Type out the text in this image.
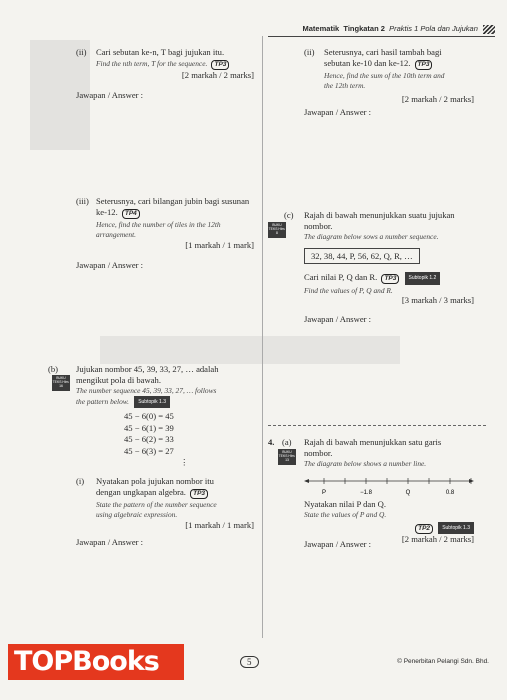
Matematik Tingkatan 2 Praktis 1 Pola dan Jujukan
(ii) Cari sebutan ke-n, T bagi jujukan itu.
Find the nth term, T for the sequence. TP3
[2 markah / 2 marks]
Jawapan / Answer :
(iii) Seterusnya, cari bilangan jubin bagi susunan ke-12. TP4
Hence, find the number of tiles in the 12th
arrangement.
[1 markah / 1 mark]
Jawapan / Answer :
(b)
BUKU TEKS Hlm. 16
Jujukan nombor 45, 39, 33, 27, … adalah
mengikut pola di bawah.
The number sequence 45, 39, 33, 27, … follows
the pattern below. Subtopik 1.3
45 − 6(0) = 45
45 − 6(1) = 39
45 − 6(2) = 33
45 − 6(3) = 27
⋮
(i) Nyatakan pola jujukan nombor itu
dengan ungkapan algebra. TP3
State the pattern of the number sequence
using algebraic expression.
[1 markah / 1 mark]
Jawapan / Answer :
(ii) Seterusnya, cari hasil tambah bagi
sebutan ke-10 dan ke-12. TP3
Hence, find the sum of the 10th term and
the 12th term.
[2 markah / 2 marks]
Jawapan / Answer :
(c)
BUKU TEKS Hlm. 8
Rajah di bawah menunjukkan suatu jujukan
nombor.
The diagram below sows a number sequence.
32, 38, 44, P, 56, 62, Q, R, …
Cari nilai P, Q dan R. TP3 Subtopik 1.2
Find the values of P, Q and R.
[3 markah / 3 marks]
Jawapan / Answer :
4. (a)
BUKU TEKS Hlm. 13
Rajah di bawah menunjukkan satu garis
nombor.
The diagram below shows a number line.
P	−1.8	Q	0.8
Nyatakan nilai P dan Q.
State the values of P and Q.
TP2 Subtopik 1.3
[2 markah / 2 marks]
Jawapan / Answer :
TOPBooks	5	© Penerbitan Pelangi Sdn. Bhd.
